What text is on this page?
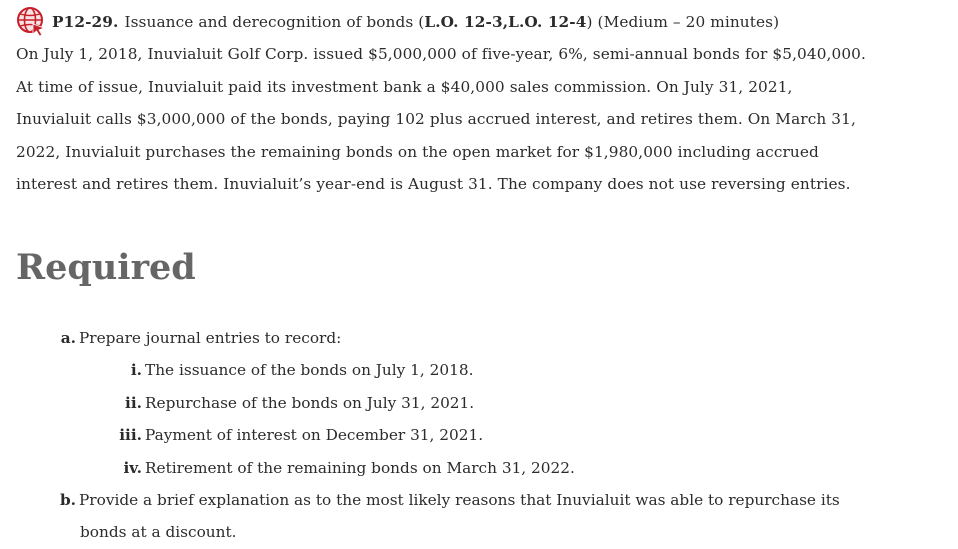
P12-29. Issuance and derecognition of bonds ( L.O. 12-3 , L.O. 12-4 ) (Medium – 20 minutes)
On July 1, 2018, Inuvialuit Golf Corp. issued $5,000,000 of five-year, 6%, semi-annual bonds for $5,040,000.
At time of issue, Inuvialuit paid its investment bank a $40,000 sales commission. On July 31, 2021,
Inuvialuit calls $3,000,000 of the bonds, paying 102 plus accrued interest, and retires them. On March 31,
2022, Inuvialuit purchases the remaining bonds on the open market for $1,980,000 including accrued
interest and retires them. Inuvialuit’s year-end is August 31. The company does not use reversing entries.
Required
a. Prepare journal entries to record:
i. The issuance of the bonds on July 1, 2018.
ii. Repurchase of the bonds on July 31, 2021.
iii. Payment of interest on December 31, 2021.
iv. Retirement of the remaining bonds on March 31, 2022.
b. Provide a brief explanation as to the most likely reasons that Inuvialuit was able to repurchase its
bonds at a discount.
